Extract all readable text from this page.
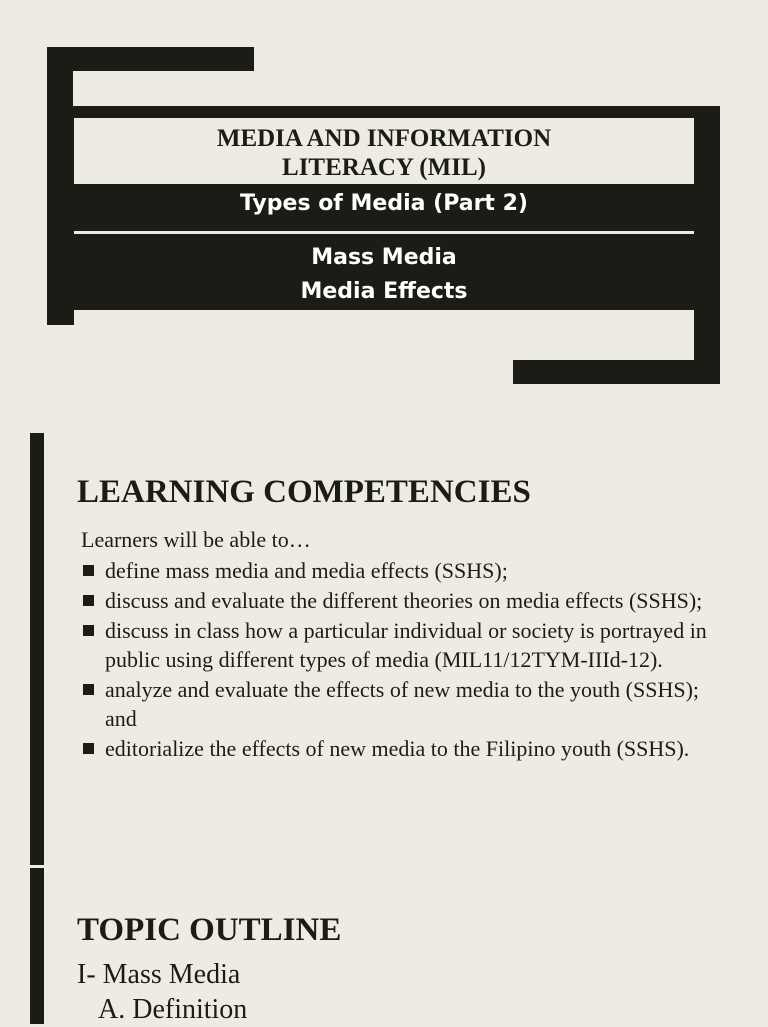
MEDIA AND INFORMATION
LITERACY (MIL)
Types of Media (Part 2)
Mass Media
Media Effects
LEARNING COMPETENCIES
Learners will be able to…
define mass media and media effects (SSHS);
discuss and evaluate the different theories on media effects (SSHS);
discuss in class how a particular individual or society is portrayed in public using different types of media (MIL11/12TYM-IIId-12).
analyze and evaluate the effects of new media to the youth (SSHS); and
editorialize the effects of new media to the Filipino youth (SSHS).
TOPIC OUTLINE
I- Mass Media
A. Definition
